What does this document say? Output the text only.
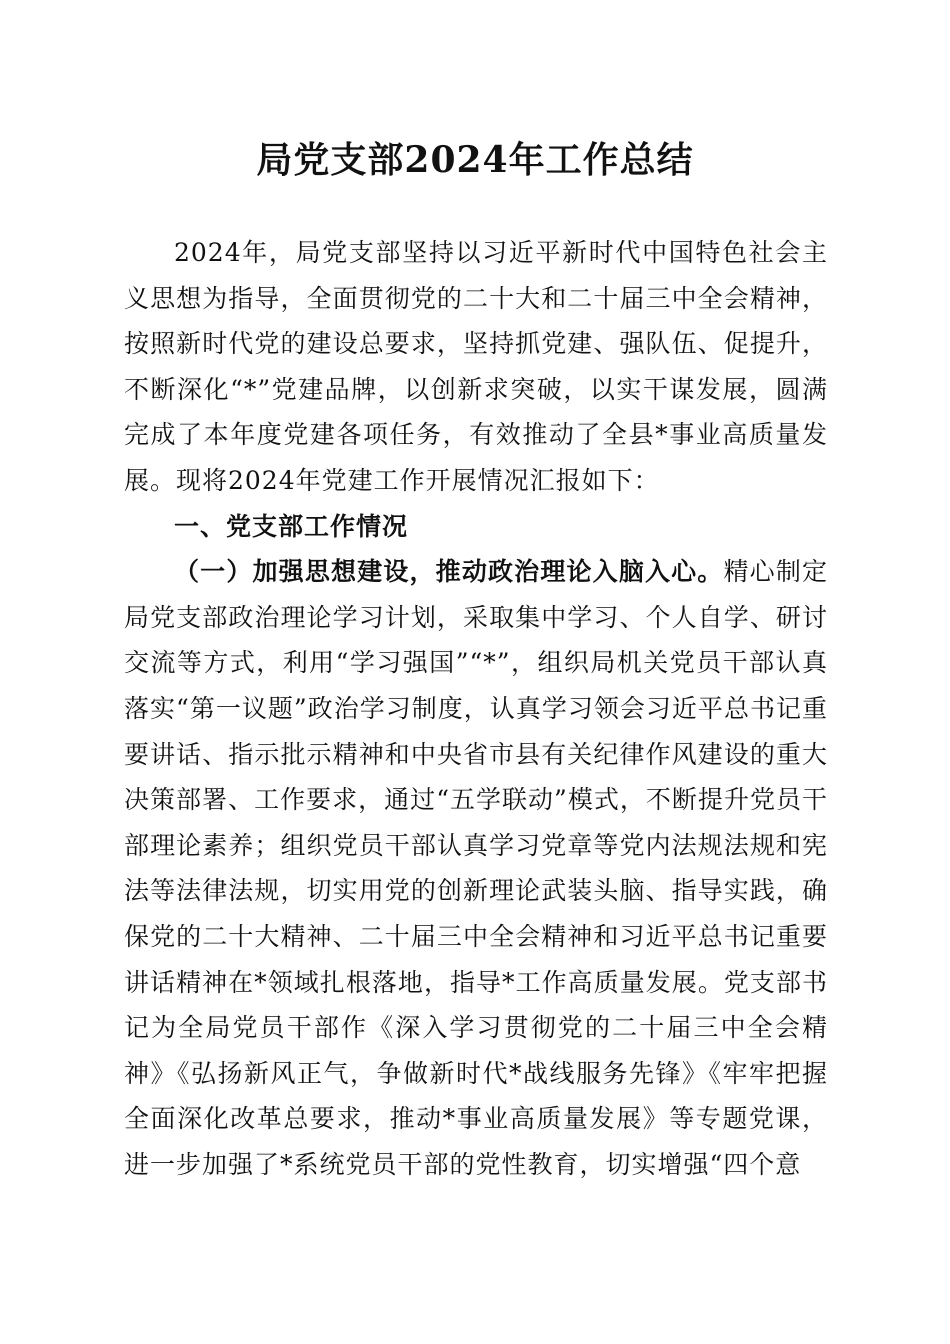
局党支部2024年工作总结

2024年，局党支部坚持以习近平新时代中国特色社会主义思想为指导，全面贯彻党的二十大和二十届三中全会精神，按照新时代党的建设总要求，坚持抓党建、强队伍、促提升，不断深化“*”党建品牌，以创新求突破，以实干谋发展，圆满完成了本年度党建各项任务，有效推动了全县*事业高质量发展。现将2024年党建工作开展情况汇报如下：

一、党支部工作情况

（一）加强思想建设，推动政治理论入脑入心。精心制定局党支部政治理论学习计划，采取集中学习、个人自学、研讨交流等方式，利用“学习强国”“*”，组织局机关党员干部认真落实“第一议题”政治学习制度，认真学习领会习近平总书记重要讲话、指示批示精神和中央省市县有关纪律作风建设的重大决策部署、工作要求，通过“五学联动”模式，不断提升党员干部理论素养；组织党员干部认真学习党章等党内法规法规和宪法等法律法规，切实用党的创新理论武装头脑、指导实践，确保党的二十大精神、二十届三中全会精神和习近平总书记重要讲话精神在*领域扎根落地，指导*工作高质量发展。党支部书记为全局党员干部作《深入学习贯彻党的二十届三中全会精神》《弘扬新风正气，争做新时代*战线服务先锋》《牢牢把握全面深化改革总要求，推动*事业高质量发展》等专题党课，进一步加强了*系统党员干部的党性教育，切实增强“四个意
